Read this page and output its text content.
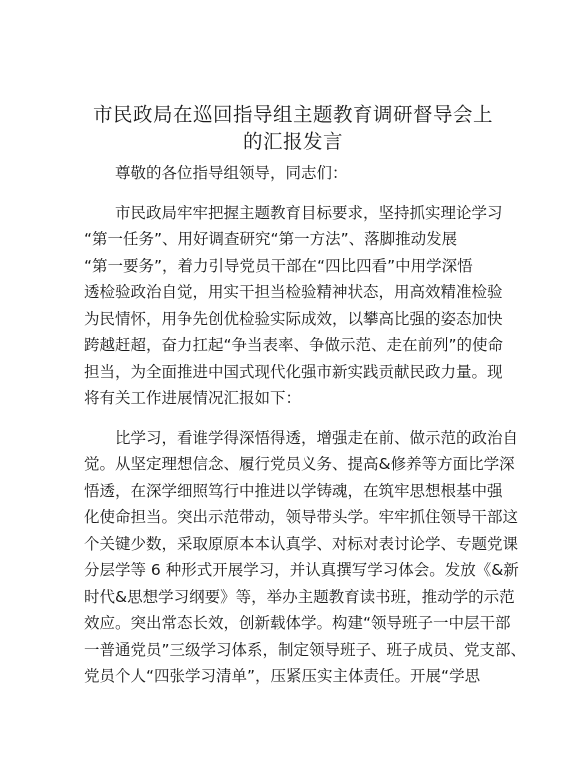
市民政局在巡回指导组主题教育调研督导会上
的汇报发言
尊敬的各位指导组领导，同志们：
市民政局牢牢把握主题教育目标要求，坚持抓实理论学习
“第一任务”、用好调查研究“第一方法”、落脚推动发展
“第一要务”，着力引导党员干部在“四比四看”中用学深悟
透检验政治自觉，用实干担当检验精神状态，用高效精准检验
为民情怀，用争先创优检验实际成效，以攀高比强的姿态加快
跨越赶超，奋力扛起“争当表率、争做示范、走在前列”的使命
担当，为全面推进中国式现代化强市新实践贡献民政力量。现
将有关工作进展情况汇报如下：
比学习，看谁学得深悟得透，增强走在前、做示范的政治自
觉。从坚定理想信念、履行党员义务、提高&修养等方面比学深
悟透，在深学细照笃行中推进以学铸魂，在筑牢思想根基中强
化使命担当。突出示范带动，领导带头学。牢牢抓住领导干部这
个关键少数，采取原原本本认真学、对标对表讨论学、专题党课
分层学等 6 种形式开展学习，并认真撰写学习体会。发放《&新
时代&思想学习纲要》等，举办主题教育读书班，推动学的示范
效应。突出常态长效，创新载体学。构建“领导班子一中层干部
一普通党员”三级学习体系，制定领导班子、班子成员、党支部、
党员个人“四张学习清单”，压紧压实主体责任。开展“学思
